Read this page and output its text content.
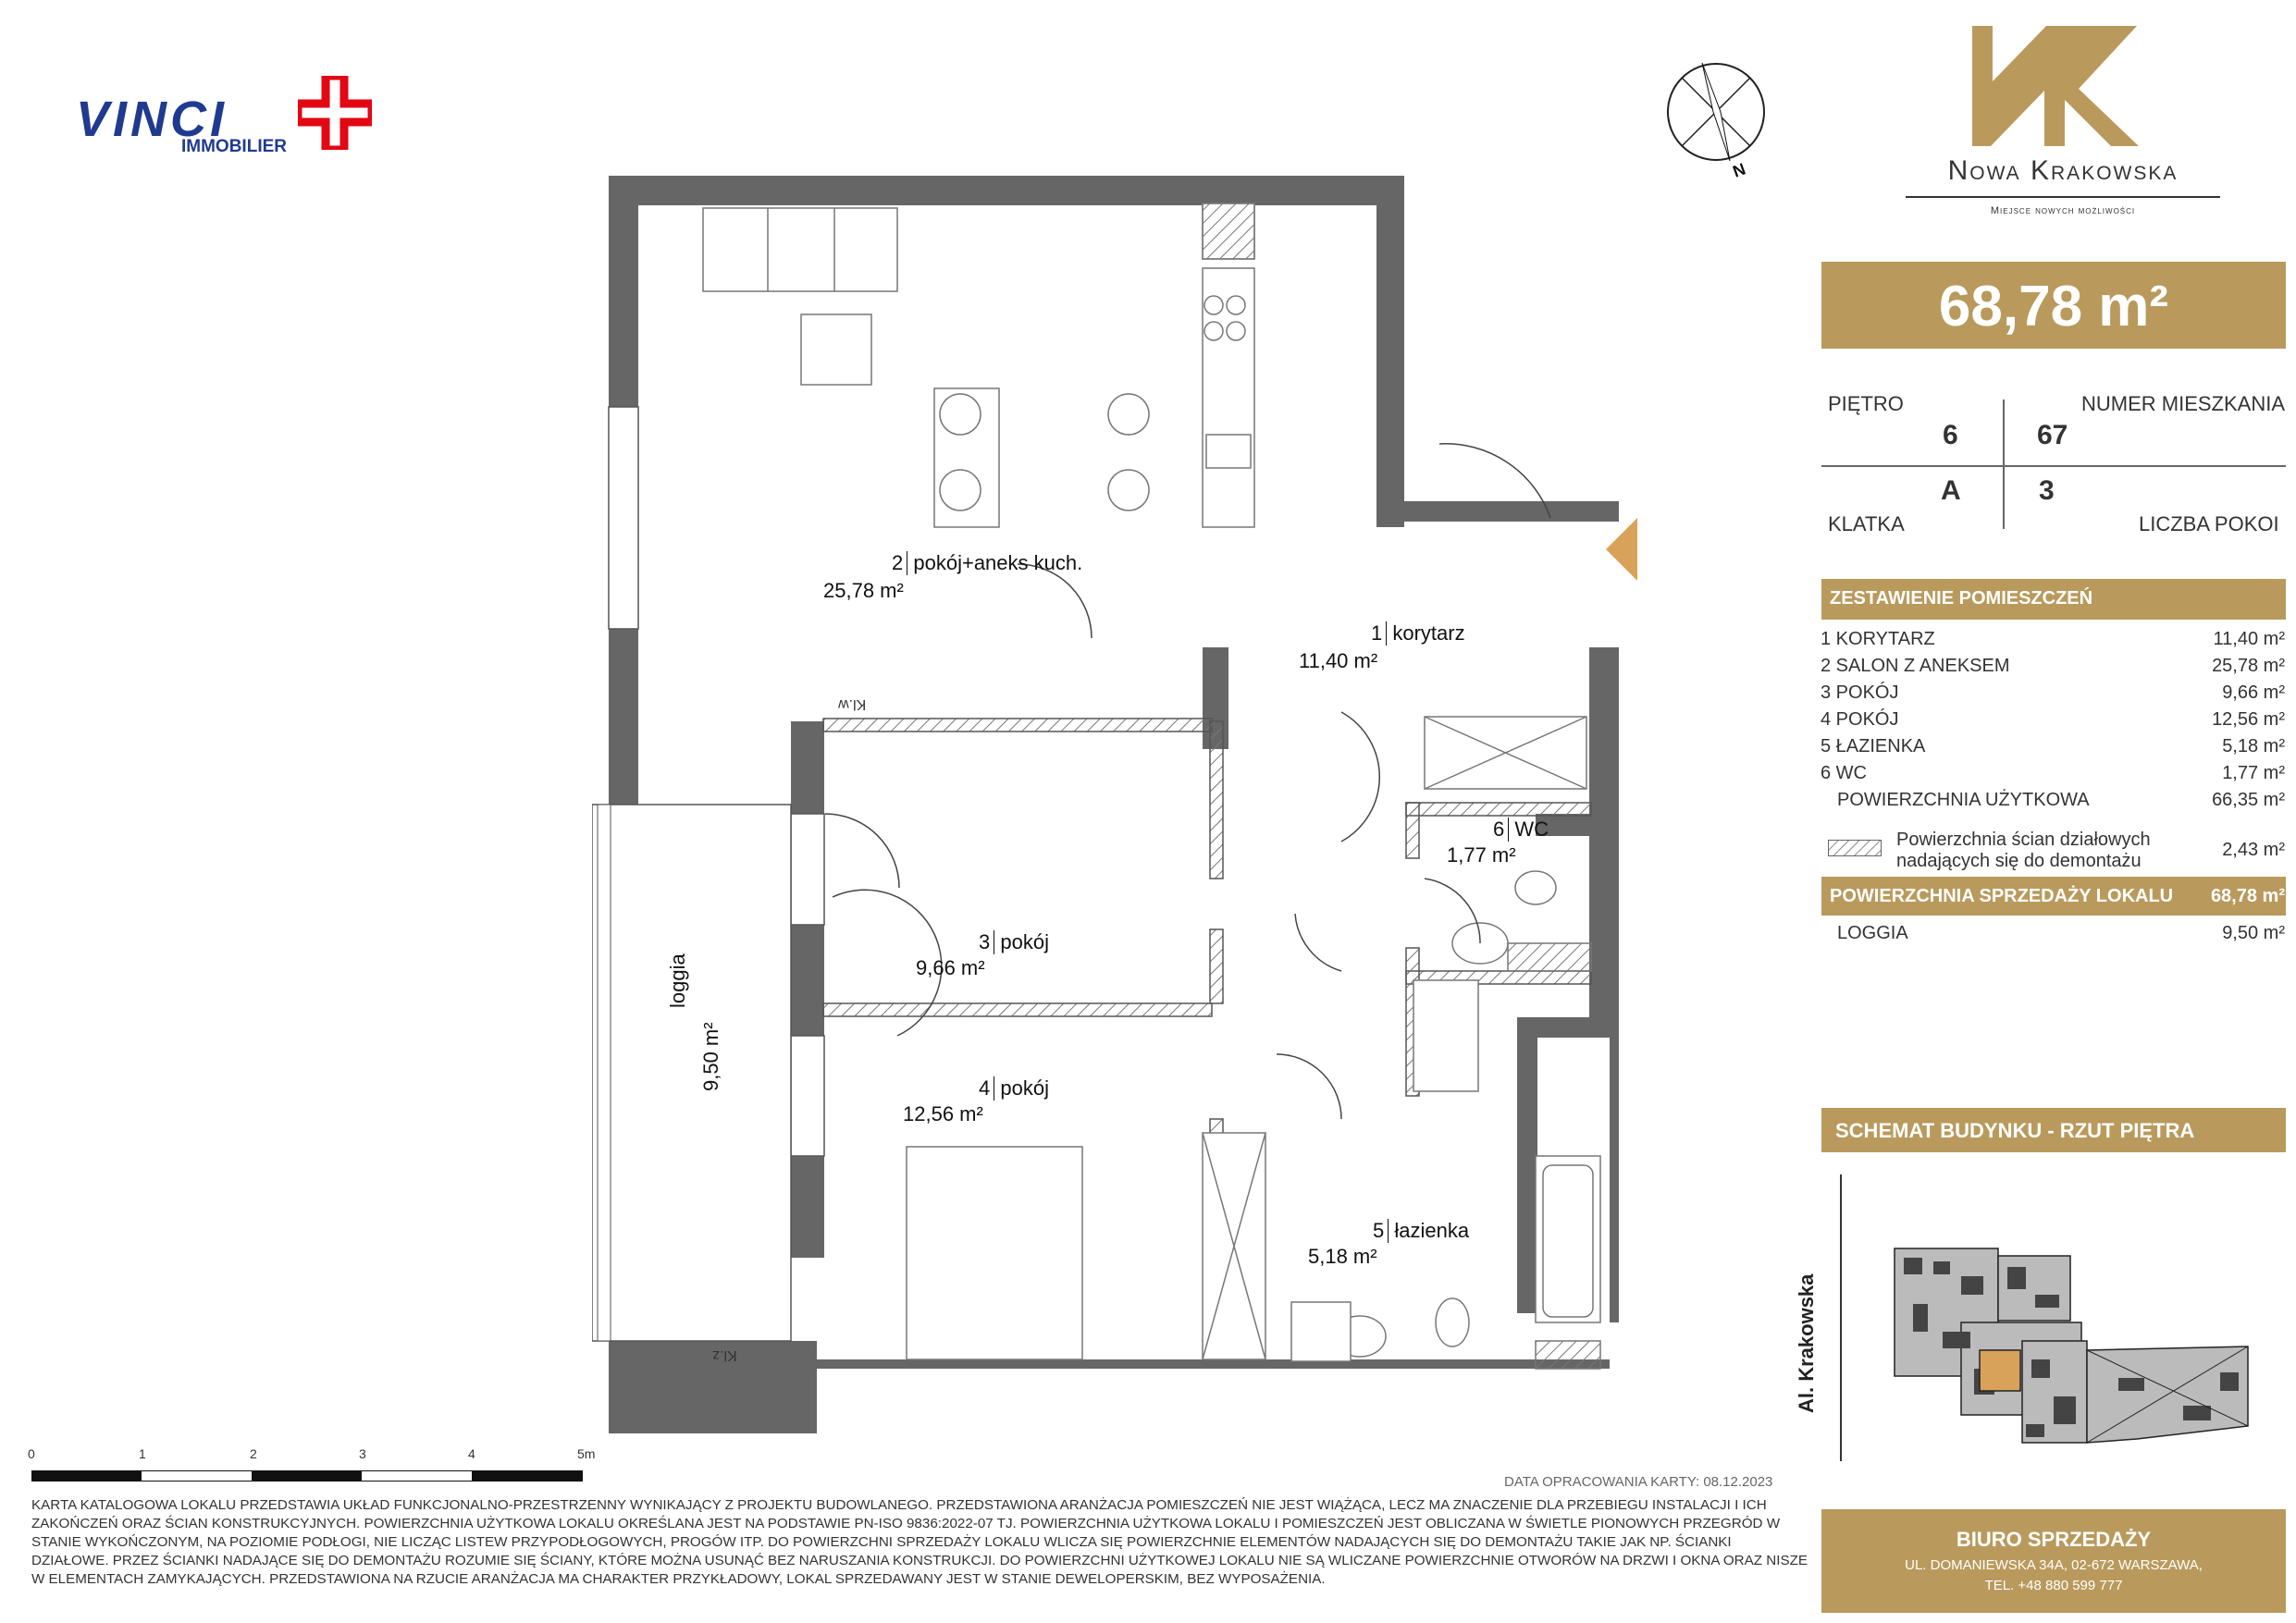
VINCI
IMMOBILIER
N	Nowa Krakowska
Miejsce nowych możliwości
68,78 m²
PIĘTRO
6
NUMER MIESZKANIA
67
A	3
KLATKA	LICZBA POKOI
ZESTAWIENIE POMIESZCZEŃ
1 KORYTARZ	11,40 m²
2 SALON Z ANEKSEM	25,78 m²
3 POKÓJ	9,66 m²
4 POKÓJ	12,56 m²
5 ŁAZIENKA	5,18 m²
6 WC	1,77 m²
POWIERZCHNIA UŻYTKOWA	66,35 m²
Powierzchnia ścian działowych
nadających się do demontażu
2,43 m²
POWIERZCHNIA SPRZEDAŻY LOKALU 68,78 m²
LOGGIA	9,50 m²
SCHEMAT BUDYNKU - RZUT PIĘTRA
Al. Krakowska
BIURO SPRZEDAŻY
UL. DOMANIEWSKA 34A, 02-672 WARSZAWA,
TEL. +48 880 599 777
2 pokój+aneks kuch.
25,78 m²
1 korytarz
11,40 m²
6 WC
1,77 m²
3 pokój
9,66 m²
4 pokój
12,56 m²
5 łazienka
5,18 m²
loggia
9,50 m²
Kl.w
Kl.z
0	1	2	3	4	5m
DATA OPRACOWANIA KARTY: 08.12.2023
KARTA KATALOGOWA LOKALU PRZEDSTAWIA UKŁAD FUNKCJONALNO-PRZESTRZENNY WYNIKAJĄCY Z PROJEKTU BUDOWLANEGO. PRZEDSTAWIONA ARANŻACJA POMIESZCZEŃ NIE JEST WIĄŻĄCA, LECZ MA ZNACZENIE DLA PRZEBIEGU INSTALACJI I ICH ZAKOŃCZEŃ ORAZ ŚCIAN KONSTRUKCYJNYCH. POWIERZCHNIA UŻYTKOWA LOKALU OKREŚLANA JEST NA PODSTAWIE PN-ISO 9836:2022-07 TJ. POWIERZCHNIA UŻYTKOWA LOKALU I POMIESZCZEŃ JEST OBLICZANA W ŚWIETLE PIONOWYCH PRZEGRÓD W STANIE WYKOŃCZONYM, NA POZIOMIE PODŁOGI, NIE LICZĄC LISTEW PRZYPODŁOGOWYCH, PROGÓW ITP. DO POWIERZCHNI SPRZEDAŻY LOKALU WLICZA SIĘ POWIERZCHNIE ELEMENTÓW NADAJĄCYCH SIĘ DO DEMONTAŻU TAKIE JAK NP. ŚCIANKI DZIAŁOWE. PRZEZ ŚCIANKI NADAJĄCE SIĘ DO DEMONTAŻU ROZUMIE SIĘ ŚCIANY, KTÓRE MOŻNA USUNĄĆ BEZ NARUSZANIA KONSTRUKCJI. DO POWIERZCHNI UŻYTKOWEJ LOKALU NIE SĄ WLICZANE POWIERZCHNIE OTWORÓW NA DRZWI I OKNA ORAZ NISZE W ELEMENTACH ZAMYKAJĄCYCH. PRZEDSTAWIONA NA RZUCIE ARANŻACJA MA CHARAKTER PRZYKŁADOWY, LOKAL SPRZEDAWANY JEST W STANIE DEWELOPERSKIM, BEZ WYPOSAŻENIA.
